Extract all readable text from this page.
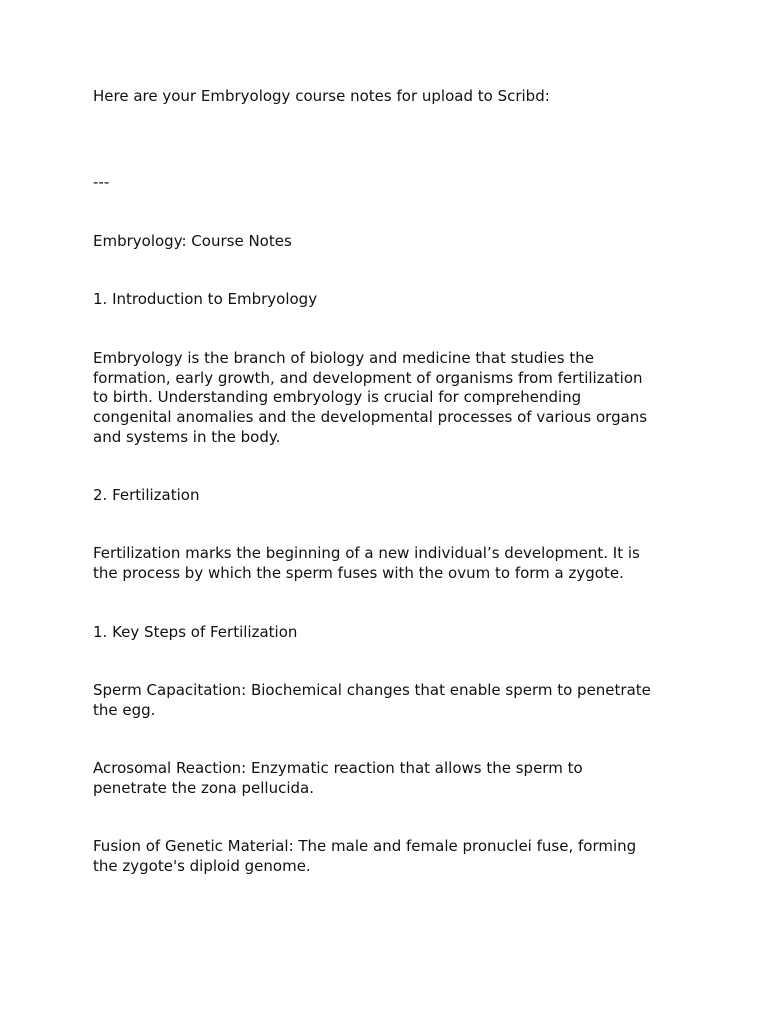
Here are your Embryology course notes for upload to Scribd:

---

Embryology: Course Notes

1. Introduction to Embryology

Embryology is the branch of biology and medicine that studies the

formation, early growth, and development of organisms from fertilization

to birth. Understanding embryology is crucial for comprehending

congenital anomalies and the developmental processes of various organs

and systems in the body.

2. Fertilization

Fertilization marks the beginning of a new individual’s development. It is

the process by which the sperm fuses with the ovum to form a zygote.

1. Key Steps of Fertilization

Sperm Capacitation: Biochemical changes that enable sperm to penetrate

the egg.

Acrosomal Reaction: Enzymatic reaction that allows the sperm to

penetrate the zona pellucida.

Fusion of Genetic Material: The male and female pronuclei fuse, forming

the zygote's diploid genome.
